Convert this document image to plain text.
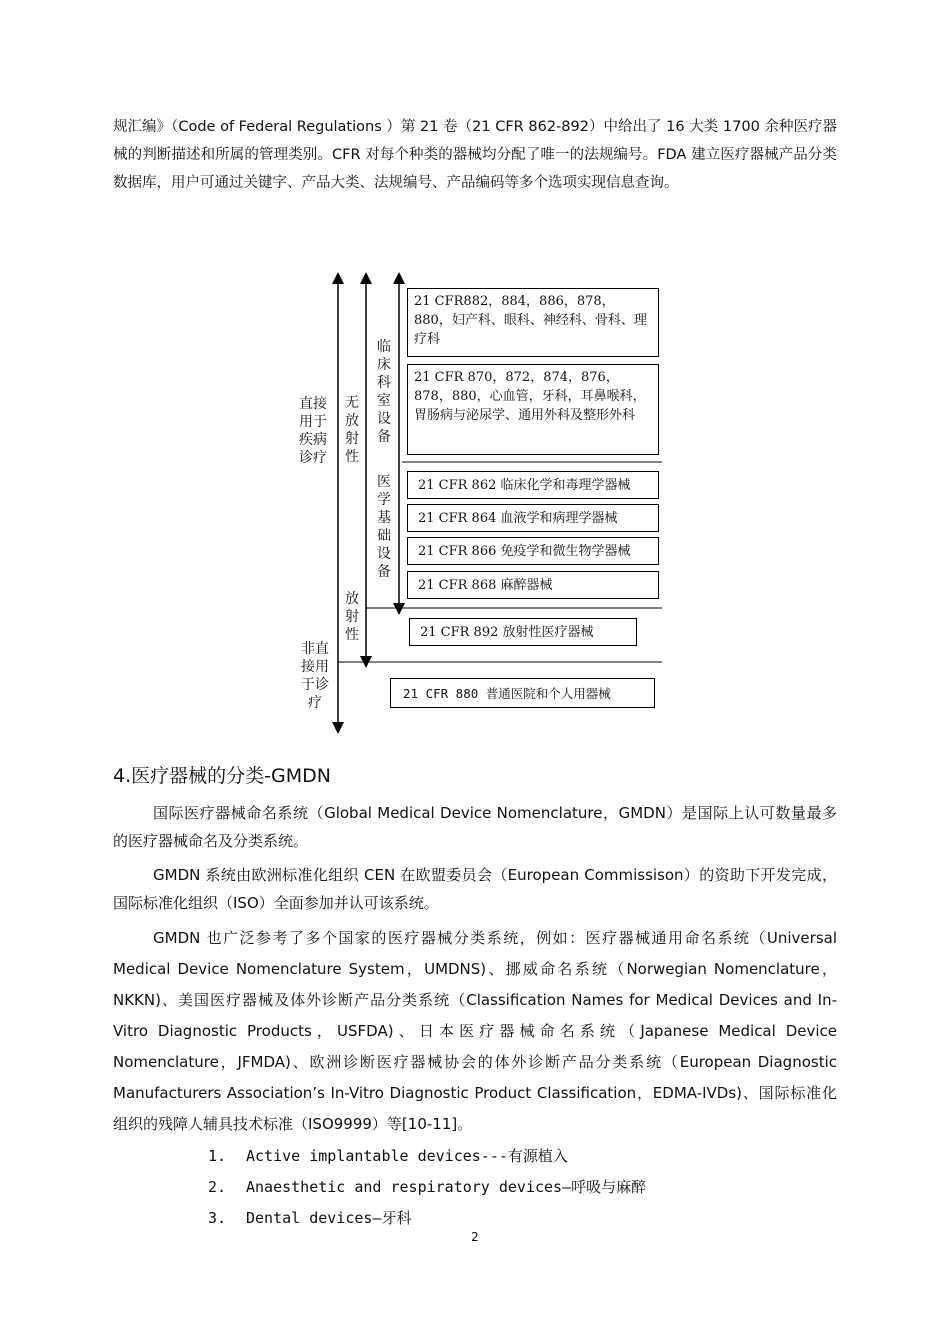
规汇编》（Code of Federal Regulations ）第 21 卷（21 CFR 862-892）中给出了 16 大类 1700 余种医疗器械的判断描述和所属的管理类别。CFR 对每个种类的器械均分配了唯一的法规编号。FDA 建立医疗器械产品分类数据库，用户可通过关键字、产品大类、法规编号、产品编码等多个选项实现信息查询。
直接用于疾病诊疗
无放射性
临床科室设备
医学基础设备
放射性
非直接用于诊疗
21 CFR882，884，886，878，880，妇产科、眼科、神经科、骨科、理疗科
21 CFR 870，872，874，876，878，880，心血管，牙科，耳鼻喉科， 胃肠病与泌尿学、通用外科及整形外科
21 CFR 862 临床化学和毒理学器械
21 CFR 864 血液学和病理学器械
21 CFR 866 免疫学和微生物学器械
21 CFR 868 麻醉器械
21 CFR 892 放射性医疗器械
21 CFR 880 普通医院和个人用器械
4.医疗器械的分类-GMDN
国际医疗器械命名系统（Global Medical Device Nomenclature，GMDN）是国际上认可数量最多的医疗器械命名及分类系统。
GMDN 系统由欧洲标准化组织 CEN 在欧盟委员会（European Commissison）的资助下开发完成，国际标准化组织（ISO）全面参加并认可该系统。
GMDN 也广泛参考了多个国家的医疗器械分类系统，例如：医疗器械通用命名系统（Universal Medical Device Nomenclature System，UMDNS)、挪威命名系统（Norwegian Nomenclature，NKKN)、美国医疗器械及体外诊断产品分类系统（Classification Names for Medical Devices and In-Vitro Diagnostic Products，USFDA)、日本医疗器械命名系统（Japanese Medical Device Nomenclature，JFMDA)、欧洲诊断医疗器械协会的体外诊断产品分类系统（European Diagnostic Manufacturers Association’s In-Vitro Diagnostic Product Classification，EDMA-IVDs)、国际标准化组织的残障人辅具技术标准（ISO9999）等[10-11]。
1. Active implantable devices---有源植入
2. Anaesthetic and respiratory devices—呼吸与麻醉
3. Dental devices—牙科
2
